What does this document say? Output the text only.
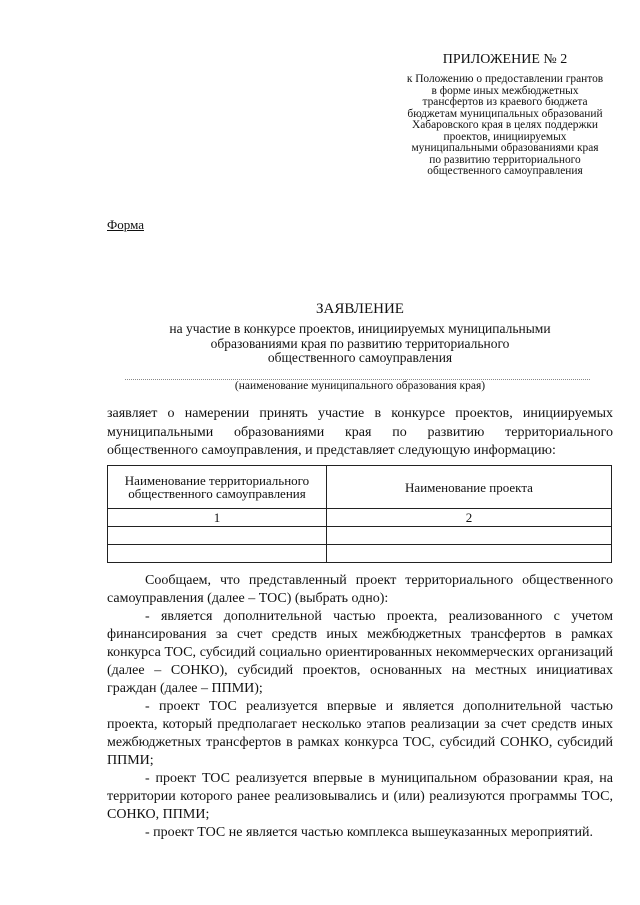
ПРИЛОЖЕНИЕ № 2
к Положению о предоставлении грантов
в форме иных межбюджетных
трансфертов из краевого бюджета
бюджетам муниципальных образований
Хабаровского края в целях поддержки
проектов, инициируемых
муниципальными образованиями края
по развитию территориального
общественного самоуправления
Форма
ЗАЯВЛЕНИЕ
на участие в конкурсе проектов, инициируемых муниципальными
образованиями края по развитию территориального
общественного самоуправления
(наименование муниципального образования края)
заявляет о намерении принять участие в конкурсе проектов, инициируемых муниципальными образованиями края по развитию территориального общественного самоуправления, и представляет следующую информацию:
Наименование территориального общественного самоуправления	Наименование проекта
1	2

Сообщаем, что представленный проект территориального общественного самоуправления (далее – ТОС) (выбрать одно):

- является дополнительной частью проекта, реализованного с учетом финансирования за счет средств иных межбюджетных трансфертов в рамках конкурса ТОС, субсидий социально ориентированных некоммерческих организаций (далее – СОНКО), субсидий проектов, основанных на местных инициативах граждан (далее – ППМИ);

- проект ТОС реализуется впервые и является дополнительной частью проекта, который предполагает несколько этапов реализации за счет средств иных межбюджетных трансфертов в рамках конкурса ТОС, субсидий СОНКО, субсидий ППМИ;

- проект ТОС реализуется впервые в муниципальном образовании края, на территории которого ранее реализовывались и (или) реализуются программы ТОС, СОНКО, ППМИ;

- проект ТОС не является частью комплекса вышеуказанных мероприятий.
